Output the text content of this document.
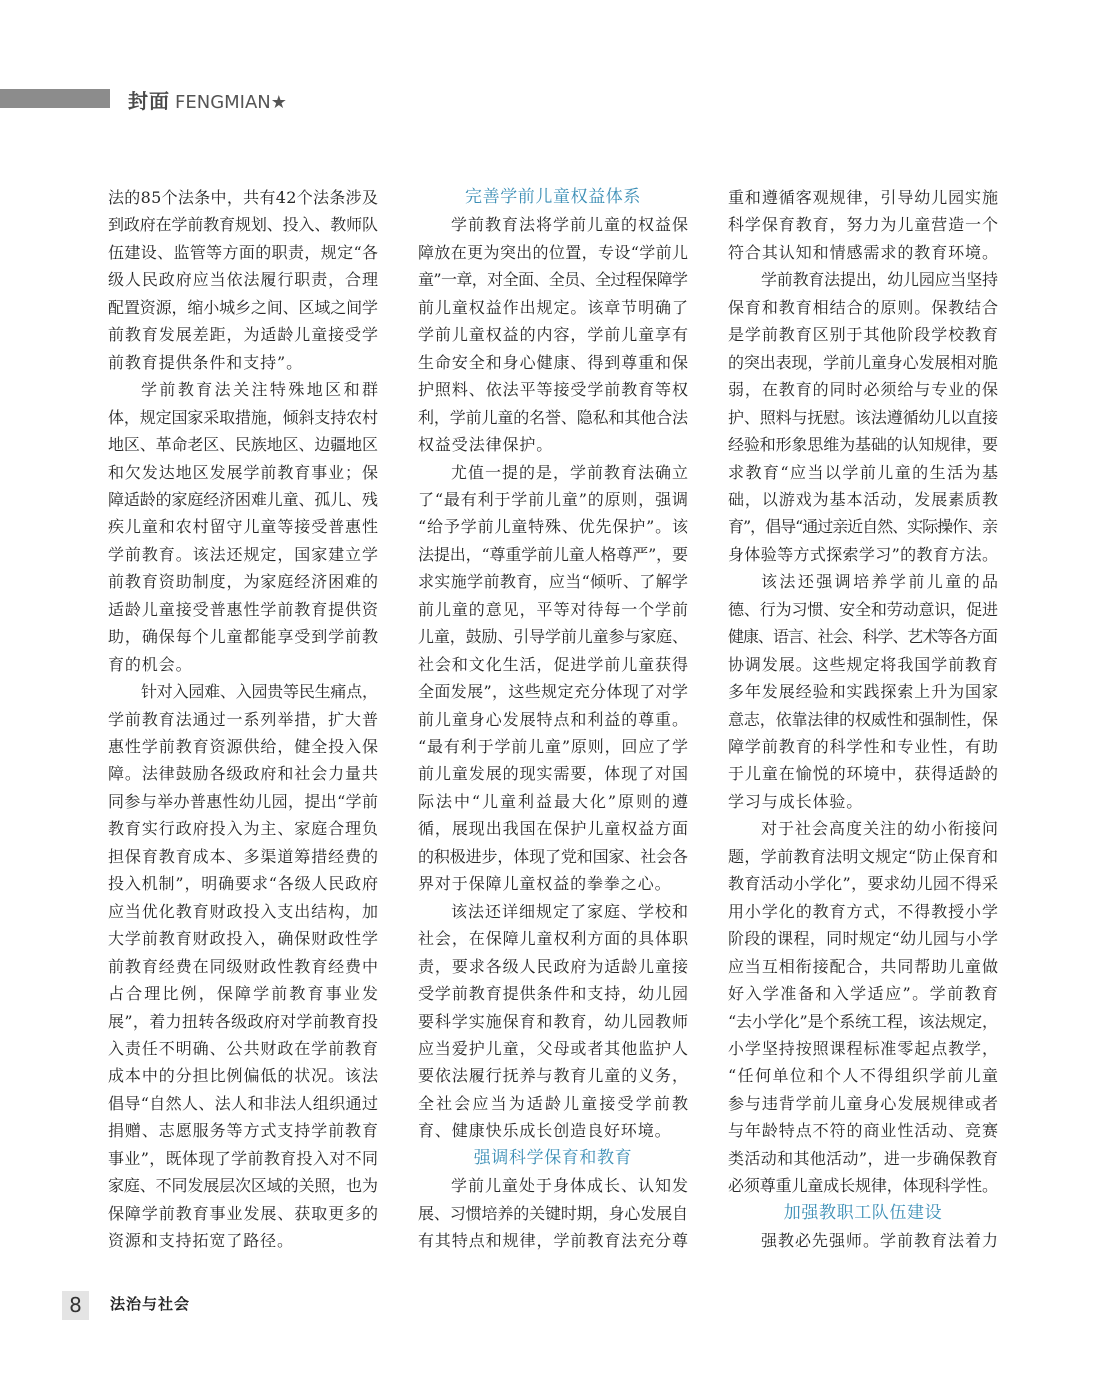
封面 FENGMIAN★
法的85个法条中，共有42个法条涉及
到政府在学前教育规划、投入、教师队
伍建设、监管等方面的职责，规定“各
级人民政府应当依法履行职责，合理
配置资源，缩小城乡之间、区域之间学
前教育发展差距，为适龄儿童接受学
前教育提供条件和支持”。
学前教育法关注特殊地区和群
体，规定国家采取措施，倾斜支持农村
地区、革命老区、民族地区、边疆地区
和欠发达地区发展学前教育事业；保
障适龄的家庭经济困难儿童、孤儿、残
疾儿童和农村留守儿童等接受普惠性
学前教育。该法还规定，国家建立学
前教育资助制度，为家庭经济困难的
适龄儿童接受普惠性学前教育提供资
助，确保每个儿童都能享受到学前教
育的机会。
针对入园难、入园贵等民生痛点，
学前教育法通过一系列举措，扩大普
惠性学前教育资源供给，健全投入保
障。法律鼓励各级政府和社会力量共
同参与举办普惠性幼儿园，提出“学前
教育实行政府投入为主、家庭合理负
担保育教育成本、多渠道筹措经费的
投入机制”，明确要求“各级人民政府
应当优化教育财政投入支出结构，加
大学前教育财政投入，确保财政性学
前教育经费在同级财政性教育经费中
占合理比例，保障学前教育事业发
展”，着力扭转各级政府对学前教育投
入责任不明确、公共财政在学前教育
成本中的分担比例偏低的状况。该法
倡导“自然人、法人和非法人组织通过
捐赠、志愿服务等方式支持学前教育
事业”，既体现了学前教育投入对不同
家庭、不同发展层次区域的关照，也为
保障学前教育事业发展、获取更多的
资源和支持拓宽了路径。
完善学前儿童权益体系
学前教育法将学前儿童的权益保
障放在更为突出的位置，专设“学前儿
童”一章，对全面、全员、全过程保障学
前儿童权益作出规定。该章节明确了
学前儿童权益的内容，学前儿童享有
生命安全和身心健康、得到尊重和保
护照料、依法平等接受学前教育等权
利，学前儿童的名誉、隐私和其他合法
权益受法律保护。
尤值一提的是，学前教育法确立
了“最有利于学前儿童”的原则，强调
“给予学前儿童特殊、优先保护”。该
法提出，“尊重学前儿童人格尊严”，要
求实施学前教育，应当“倾听、了解学
前儿童的意见，平等对待每一个学前
儿童，鼓励、引导学前儿童参与家庭、
社会和文化生活，促进学前儿童获得
全面发展”，这些规定充分体现了对学
前儿童身心发展特点和利益的尊重。
“最有利于学前儿童”原则，回应了学
前儿童发展的现实需要，体现了对国
际法中“儿童利益最大化”原则的遵
循，展现出我国在保护儿童权益方面
的积极进步，体现了党和国家、社会各
界对于保障儿童权益的拳拳之心。
该法还详细规定了家庭、学校和
社会，在保障儿童权利方面的具体职
责，要求各级人民政府为适龄儿童接
受学前教育提供条件和支持，幼儿园
要科学实施保育和教育，幼儿园教师
应当爱护儿童，父母或者其他监护人
要依法履行抚养与教育儿童的义务，
全社会应当为适龄儿童接受学前教
育、健康快乐成长创造良好环境。
强调科学保育和教育
学前儿童处于身体成长、认知发
展、习惯培养的关键时期，身心发展自
有其特点和规律，学前教育法充分尊
重和遵循客观规律，引导幼儿园实施
科学保育教育，努力为儿童营造一个
符合其认知和情感需求的教育环境。
学前教育法提出，幼儿园应当坚持
保育和教育相结合的原则。保教结合
是学前教育区别于其他阶段学校教育
的突出表现，学前儿童身心发展相对脆
弱，在教育的同时必须给与专业的保
护、照料与抚慰。该法遵循幼儿以直接
经验和形象思维为基础的认知规律，要
求教育“应当以学前儿童的生活为基
础，以游戏为基本活动，发展素质教
育”，倡导“通过亲近自然、实际操作、亲
身体验等方式探索学习”的教育方法。
该法还强调培养学前儿童的品
德、行为习惯、安全和劳动意识，促进
健康、语言、社会、科学、艺术等各方面
协调发展。这些规定将我国学前教育
多年发展经验和实践探索上升为国家
意志，依靠法律的权威性和强制性，保
障学前教育的科学性和专业性，有助
于儿童在愉悦的环境中，获得适龄的
学习与成长体验。
对于社会高度关注的幼小衔接问
题，学前教育法明文规定“防止保育和
教育活动小学化”，要求幼儿园不得采
用小学化的教育方式，不得教授小学
阶段的课程，同时规定“幼儿园与小学
应当互相衔接配合，共同帮助儿童做
好入学准备和入学适应”。学前教育
“去小学化”是个系统工程，该法规定，
小学坚持按照课程标准零起点教学，
“任何单位和个人不得组织学前儿童
参与违背学前儿童身心发展规律或者
与年龄特点不符的商业性活动、竞赛
类活动和其他活动”，进一步确保教育
必须尊重儿童成长规律，体现科学性。
加强教职工队伍建设
强教必先强师。学前教育法着力
8	法治与社会
